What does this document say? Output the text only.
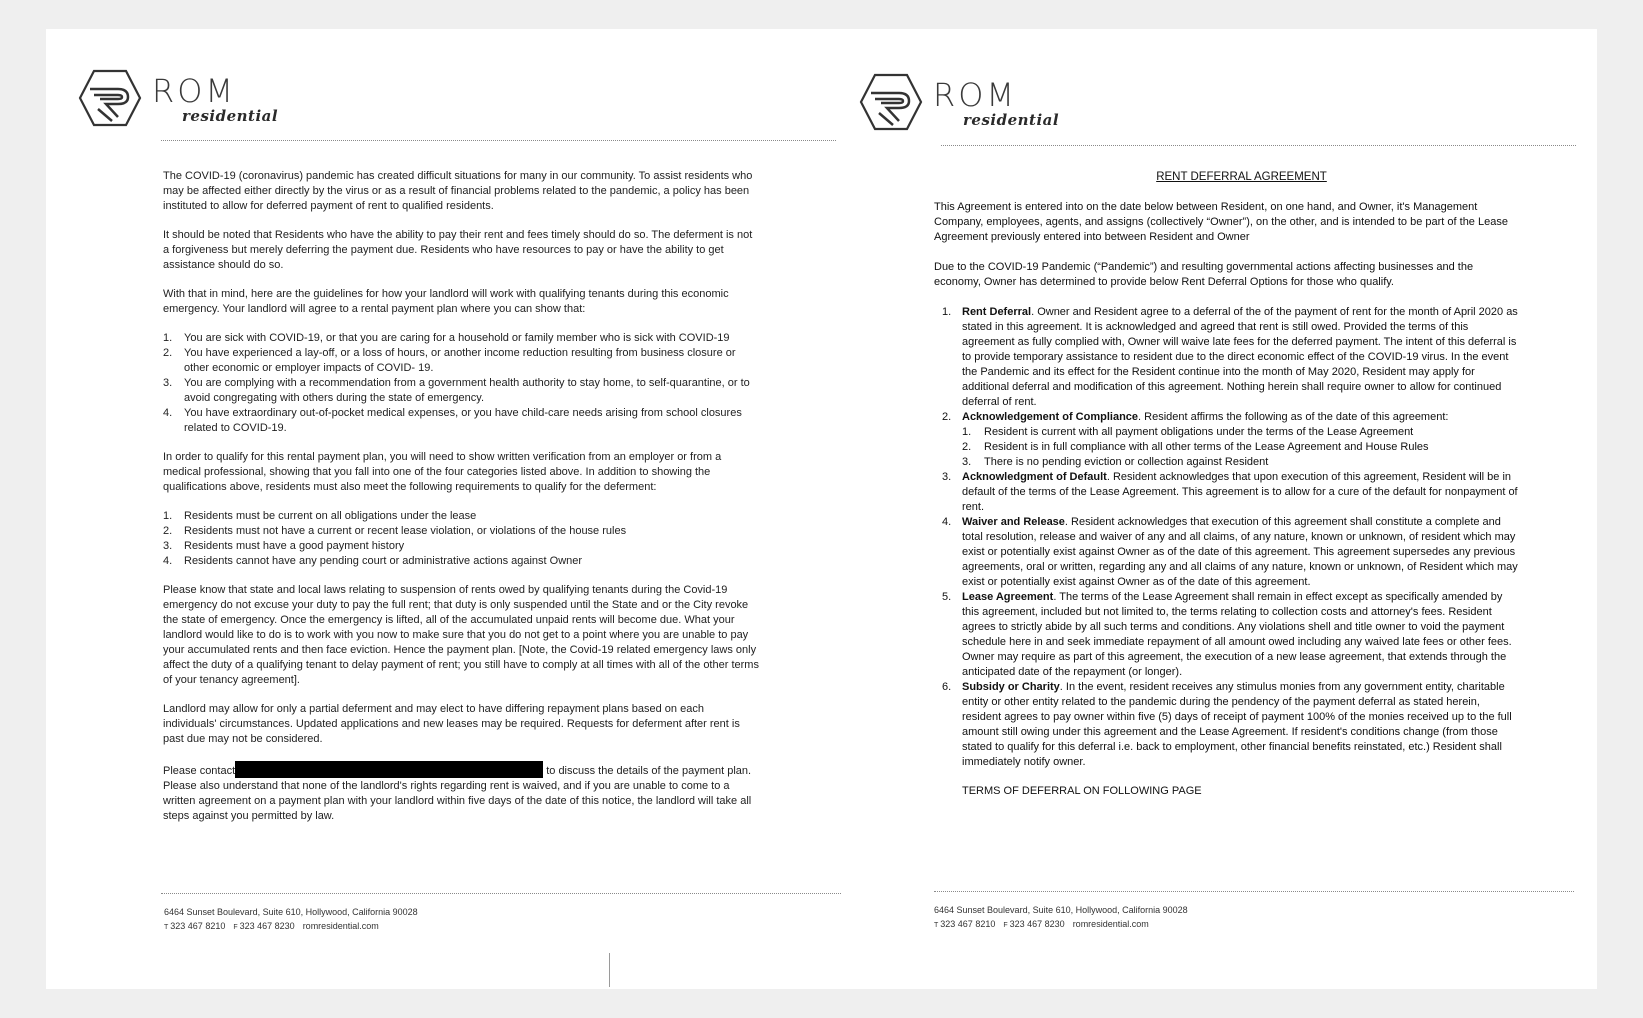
ROM
residential

The COVID-19 (coronavirus) pandemic has created difficult situations for many in our community. To assist residents who may be affected either directly by the virus or as a result of financial problems related to the pandemic, a policy has been instituted to allow for deferred payment of rent to qualified residents.

It should be noted that Residents who have the ability to pay their rent and fees timely should do so. The deferment is not a forgiveness but merely deferring the payment due. Residents who have resources to pay or have the ability to get assistance should do so.

With that in mind, here are the guidelines for how your landlord will work with qualifying tenants during this economic emergency. Your landlord will agree to a rental payment plan where you can show that:

1. You are sick with COVID-19, or that you are caring for a household or family member who is sick with COVID-19
2. You have experienced a lay-off, or a loss of hours, or another income reduction resulting from business closure or other economic or employer impacts of COVID- 19.
3. You are complying with a recommendation from a government health authority to stay home, to self-quarantine, or to avoid congregating with others during the state of emergency.
4. You have extraordinary out-of-pocket medical expenses, or you have child-care needs arising from school closures related to COVID-19.

In order to qualify for this rental payment plan, you will need to show written verification from an employer or from a medical professional, showing that you fall into one of the four categories listed above. In addition to showing the qualifications above, residents must also meet the following requirements to qualify for the deferment:

1. Residents must be current on all obligations under the lease
2. Residents must not have a current or recent lease violation, or violations of the house rules
3. Residents must have a good payment history
4. Residents cannot have any pending court or administrative actions against Owner

Please know that state and local laws relating to suspension of rents owed by qualifying tenants during the Covid-19 emergency do not excuse your duty to pay the full rent; that duty is only suspended until the State and or the City revoke the state of emergency. Once the emergency is lifted, all of the accumulated unpaid rents will become due. What your landlord would like to do is to work with you now to make sure that you do not get to a point where you are unable to pay your accumulated rents and then face eviction. Hence the payment plan. [Note, the Covid-19 related emergency laws only affect the duty of a qualifying tenant to delay payment of rent; you still have to comply at all times with all of the other terms of your tenancy agreement].

Landlord may allow for only a partial deferment and may elect to have differing repayment plans based on each individuals' circumstances. Updated applications and new leases may be required. Requests for deferment after rent is past due may not be considered.

Please contact	to discuss the details of the payment plan. Please also understand that none of the landlord's rights regarding rent is waived, and if you are unable to come to a written agreement on a payment plan with your landlord within five days of the date of this notice, the landlord will take all steps against you permitted by law.

6464 Sunset Boulevard, Suite 610, Hollywood, California 90028
T 323 467 8210 F 323 467 8230 romresidential.com
ROM
residential
RENT DEFERRAL AGREEMENT

This Agreement is entered into on the date below between Resident, on one hand, and Owner, it's Management Company, employees, agents, and assigns (collectively “Owner”), on the other, and is intended to be part of the Lease Agreement previously entered into between Resident and Owner

Due to the COVID-19 Pandemic (“Pandemic”) and resulting governmental actions affecting businesses and the economy, Owner has determined to provide below Rent Deferral Options for those who qualify.

1. Rent Deferral. Owner and Resident agree to a deferral of the of the payment of rent for the month of April 2020 as stated in this agreement. It is acknowledged and agreed that rent is still owed. Provided the terms of this agreement as fully complied with, Owner will waive late fees for the deferred payment. The intent of this deferral is to provide temporary assistance to resident due to the direct economic effect of the COVID-19 virus. In the event the Pandemic and its effect for the Resident continue into the month of May 2020, Resident may apply for additional deferral and modification of this agreement. Nothing herein shall require owner to allow for continued deferral of rent.
2. Acknowledgement of Compliance. Resident affirms the following as of the date of this agreement:
1. Resident is current with all payment obligations under the terms of the Lease Agreement
2. Resident is in full compliance with all other terms of the Lease Agreement and House Rules
3. There is no pending eviction or collection against Resident
3. Acknowledgment of Default. Resident acknowledges that upon execution of this agreement, Resident will be in default of the terms of the Lease Agreement. This agreement is to allow for a cure of the default for nonpayment of rent.
4. Waiver and Release. Resident acknowledges that execution of this agreement shall constitute a complete and total resolution, release and waiver of any and all claims, of any nature, known or unknown, of resident which may exist or potentially exist against Owner as of the date of this agreement. This agreement supersedes any previous agreements, oral or written, regarding any and all claims of any nature, known or unknown, of Resident which may exist or potentially exist against Owner as of the date of this agreement.
5. Lease Agreement. The terms of the Lease Agreement shall remain in effect except as specifically amended by this agreement, included but not limited to, the terms relating to collection costs and attorney's fees. Resident agrees to strictly abide by all such terms and conditions. Any violations shell and title owner to void the payment schedule here in and seek immediate repayment of all amount owed including any waived late fees or other fees. Owner may require as part of this agreement, the execution of a new lease agreement, that extends through the anticipated date of the repayment (or longer).
6. Subsidy or Charity. In the event, resident receives any stimulus monies from any government entity, charitable entity or other entity related to the pandemic during the pendency of the payment deferral as stated herein, resident agrees to pay owner within five (5) days of receipt of payment 100% of the monies received up to the full amount still owing under this agreement and the Lease Agreement. If resident's conditions change (from those stated to qualify for this deferral i.e. back to employment, other financial benefits reinstated, etc.) Resident shall immediately notify owner.
TERMS OF DEFERRAL ON FOLLOWING PAGE
6464 Sunset Boulevard, Suite 610, Hollywood, California 90028
T 323 467 8210 F 323 467 8230 romresidential.com
